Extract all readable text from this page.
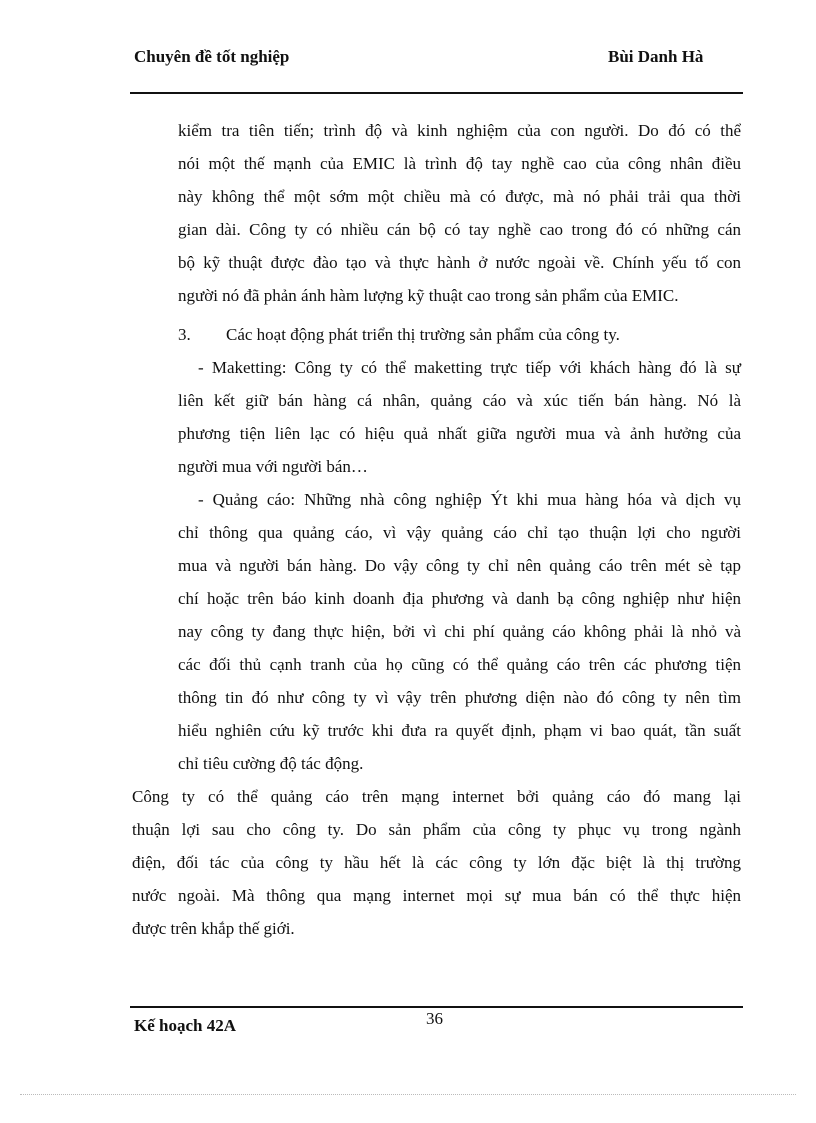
Chuyên đề tốt nghiệp	Bùi Danh Hà

kiểm tra tiên tiến; trình độ và kinh nghiệm của con người. Do đó có thể

nói một thế mạnh của EMIC là trình độ tay nghề cao của công nhân điều

này không thể một sớm một chiều mà có được, mà nó phải trải qua thời

gian dài. Công ty có nhiều cán bộ có tay nghề cao trong đó có những cán

bộ kỹ thuật được đào tạo và thực hành ở nước ngoài về. Chính yếu tố con

người nó đã phản ánh hàm lượng kỹ thuật cao trong sản phẩm của EMIC.

3. Các hoạt động phát triển thị trường sản phẩm của công ty.

- Maketting: Công ty có thể maketting trực tiếp với khách hàng đó là sự

liên kết giữ bán hàng cá nhân, quảng cáo và xúc tiến bán hàng. Nó là

phương tiện liên lạc có hiệu quả nhất giữa người mua và ảnh hưởng của

người mua với người bán…

- Quảng cáo: Những nhà công nghiệp Ýt khi mua hàng hóa và dịch vụ

chỉ thông qua quảng cáo, vì vậy quảng cáo chỉ tạo thuận lợi cho người

mua và người bán hàng. Do vậy công ty chỉ nên quảng cáo trên mét sè tạp

chí hoặc trên báo kinh doanh địa phương và danh bạ công nghiệp như hiện

nay công ty đang thực hiện, bởi vì chi phí quảng cáo không phải là nhỏ và

các đối thủ cạnh tranh của họ cũng có thể quảng cáo trên các phương tiện

thông tin đó như công ty vì vậy trên phương diện nào đó công ty nên tìm

hiểu nghiên cứu kỹ trước khi đưa ra quyết định, phạm vi bao quát, tần suất

chỉ tiêu cường độ tác động.

Công ty có thể quảng cáo trên mạng internet bởi quảng cáo đó mang lại

thuận lợi sau cho công ty. Do sản phẩm của công ty phục vụ trong ngành

điện, đối tác của công ty hầu hết là các công ty lớn đặc biệt là thị trường

nước ngoài. Mà thông qua mạng internet mọi sự mua bán có thể thực hiện

được trên khắp thế giới.

Kế hoạch 42A	36
